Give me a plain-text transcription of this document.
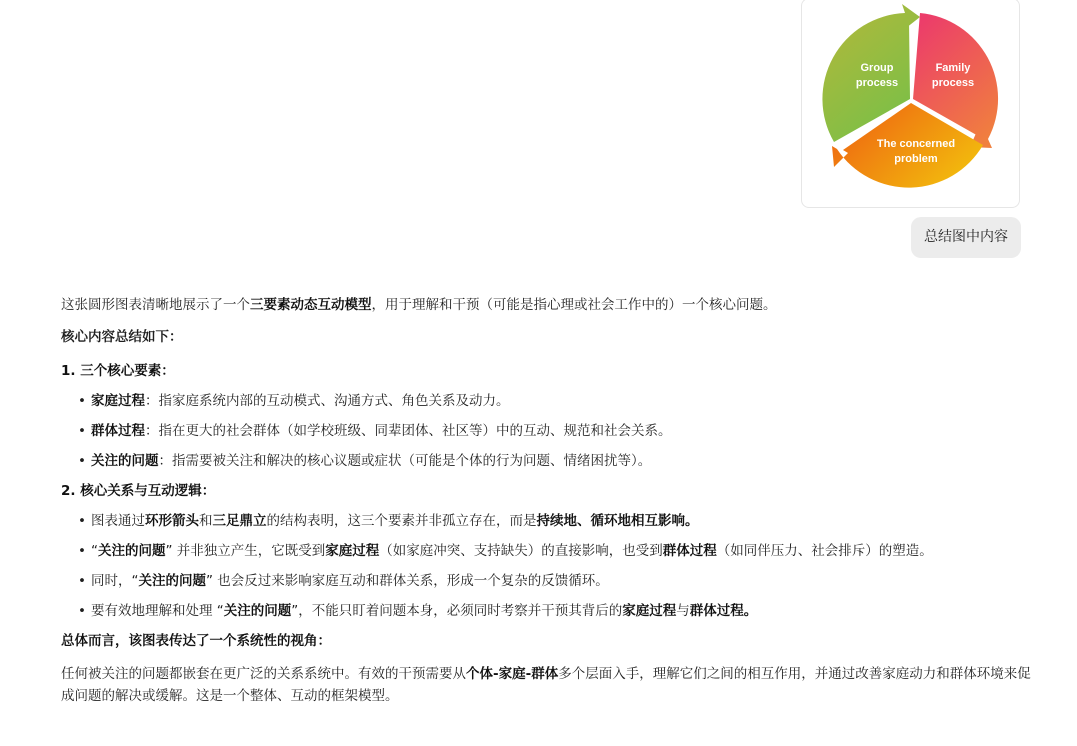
Group
process
Family
process
The concerned
problem
总结图中内容

这张圆形图表清晰地展示了一个三要素动态互动模型，用于理解和干预（可能是指心理或社会工作中的）一个核心问题。

核心内容总结如下：

1. 三个核心要素：

• 家庭过程：指家庭系统内部的互动模式、沟通方式、角色关系及动力。
• 群体过程：指在更大的社会群体（如学校班级、同辈团体、社区等）中的互动、规范和社会关系。
• 关注的问题：指需要被关注和解决的核心议题或症状（可能是个体的行为问题、情绪困扰等）。

2. 核心关系与互动逻辑：

• 图表通过环形箭头和三足鼎立的结构表明，这三个要素并非孤立存在，而是持续地、循环地相互影响。
• “关注的问题” 并非独立产生，它既受到家庭过程（如家庭冲突、支持缺失）的直接影响，也受到群体过程（如同伴压力、社会排斥）的塑造。
• 同时，“关注的问题” 也会反过来影响家庭互动和群体关系，形成一个复杂的反馈循环。
• 要有效地理解和处理 “关注的问题”，不能只盯着问题本身，必须同时考察并干预其背后的家庭过程与群体过程。

总体而言，该图表传达了一个系统性的视角：

任何被关注的问题都嵌套在更广泛的关系系统中。有效的干预需要从个体-家庭-群体多个层面入手，理解它们之间的相互作用，并通过改善家庭动力和群体环境来促成问题的解决或缓解。这是一个整体、互动的框架模型。
